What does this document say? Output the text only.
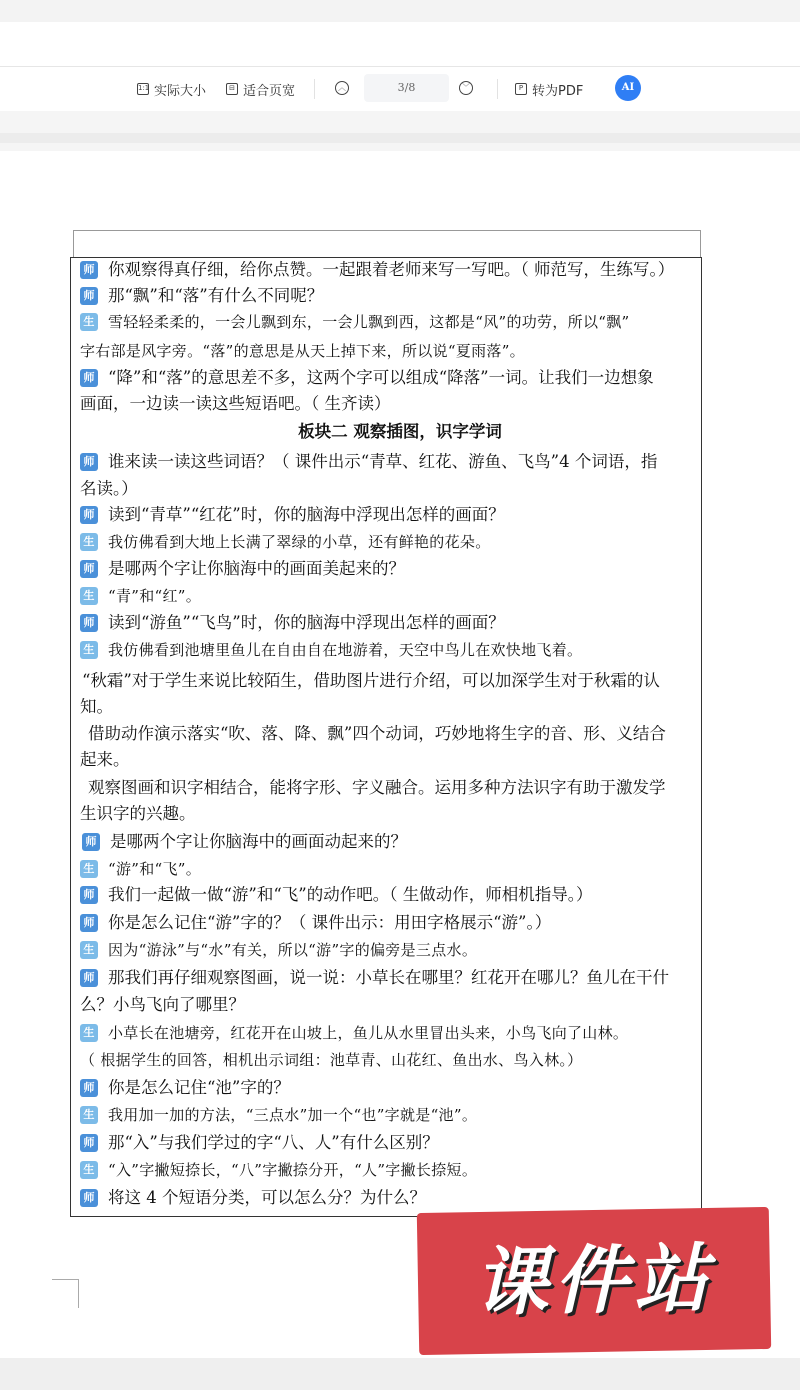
1:1 实际大小	⊟ 适合页宽	︿	﹀	P 转为PDF
3/8	AI
师 你观察得真仔细，给你点赞。一起跟着老师来写一写吧。（ 师范写，生练写。）
师 那“飘”和“落”有什么不同呢？
生 雪轻轻柔柔的，一会儿飘到东，一会儿飘到西，这都是“风”的功劳，所以“飘”
字右部是风字旁。“落”的意思是从天上掉下来，所以说“夏雨落”。
师 “降”和“落”的意思差不多，这两个字可以组成“降落”一词。让我们一边想象
画面，一边读一读这些短语吧。（ 生齐读）
板块二 观察插图，识字学词
师 谁来读一读这些词语？（ 课件出示“青草、红花、游鱼、飞鸟”4 个词语，指
名读。）
师 读到“青草”“红花”时，你的脑海中浮现出怎样的画面？
生 我仿佛看到大地上长满了翠绿的小草，还有鲜艳的花朵。
师 是哪两个字让你脑海中的画面美起来的？
生 “青”和“红”。
师 读到“游鱼”“飞鸟”时，你的脑海中浮现出怎样的画面？
生 我仿佛看到池塘里鱼儿在自由自在地游着，天空中鸟儿在欢快地飞着。
“秋霜”对于学生来说比较陌生，借助图片进行介绍，可以加深学生对于秋霜的认
知。
借助动作演示落实“吹、落、降、飘”四个动词，巧妙地将生字的音、形、义结合
起来。
观察图画和识字相结合，能将字形、字义融合。运用多种方法识字有助于激发学
生识字的兴趣。
师 是哪两个字让你脑海中的画面动起来的？
生 “游”和“飞”。
师 我们一起做一做“游”和“飞”的动作吧。（ 生做动作，师相机指导。）
师 你是怎么记住“游”字的？（ 课件出示：用田字格展示“游”。）
生 因为“游泳”与“水”有关，所以“游”字的偏旁是三点水。
师 那我们再仔细观察图画，说一说：小草长在哪里？红花开在哪儿？鱼儿在干什
么？小鸟飞向了哪里？
生 小草长在池塘旁，红花开在山坡上，鱼儿从水里冒出头来，小鸟飞向了山林。
（ 根据学生的回答，相机出示词组：池草青、山花红、鱼出水、鸟入林。）
师 你是怎么记住“池”字的？
生 我用加一加的方法，“三点水”加一个“也”字就是“池”。
师 那“入”与我们学过的字“八、人”有什么区别？
生 “入”字撇短捺长，“八”字撇捺分开，“人”字撇长捺短。
师 将这 4 个短语分类，可以怎么分？为什么？
课件站
